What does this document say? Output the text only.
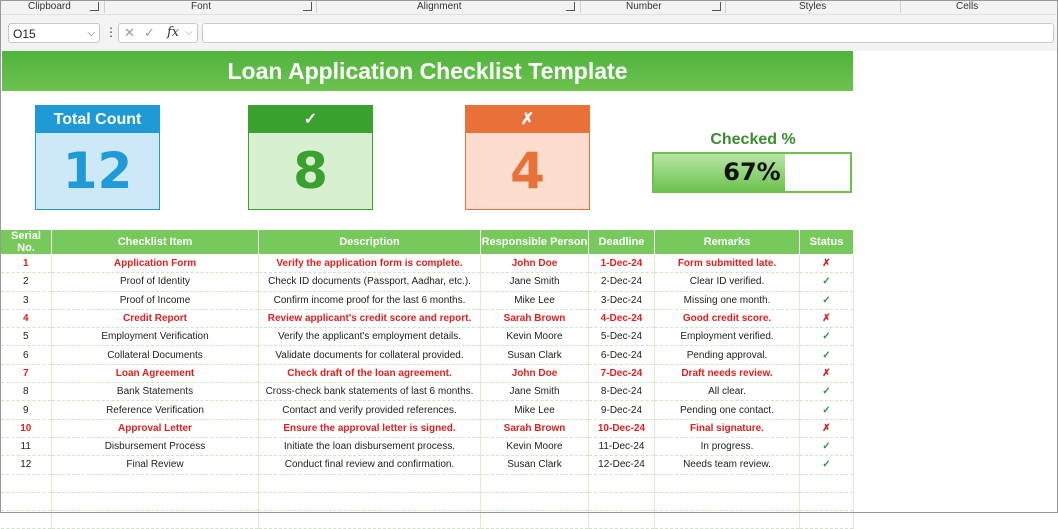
Clipboard	Font	Alignment	Number	Styles	Cells
O15	⌵ ⋮ ✕ ✓ fx ⌵
Loan Application Checklist Template
Total Count
12
✓
8
✗
4
Checked %
67%
Serial No.	Checklist Item	Description	Responsible Person	Deadline	Remarks	Status
1	Application Form	Verify the application form is complete.	John Doe	1-Dec-24	Form submitted late.	✗
2	Proof of Identity	Check ID documents (Passport, Aadhar, etc.).	Jane Smith	2-Dec-24	Clear ID verified.	✓
3	Proof of Income	Confirm income proof for the last 6 months.	Mike Lee	3-Dec-24	Missing one month.	✓
4	Credit Report	Review applicant's credit score and report.	Sarah Brown	4-Dec-24	Good credit score.	✗
5	Employment Verification	Verify the applicant's employment details.	Kevin Moore	5-Dec-24	Employment verified.	✓
6	Collateral Documents	Validate documents for collateral provided.	Susan Clark	6-Dec-24	Pending approval.	✓
7	Loan Agreement	Check draft of the loan agreement.	John Doe	7-Dec-24	Draft needs review.	✗
8	Bank Statements	Cross-check bank statements of last 6 months.	Jane Smith	8-Dec-24	All clear.	✓
9	Reference Verification	Contact and verify provided references.	Mike Lee	9-Dec-24	Pending one contact.	✓
10	Approval Letter	Ensure the approval letter is signed.	Sarah Brown	10-Dec-24	Final signature.	✗
11	Disbursement Process	Initiate the loan disbursement process.	Kevin Moore	11-Dec-24	In progress.	✓
12	Final Review	Conduct final review and confirmation.	Susan Clark	12-Dec-24	Needs team review.	✓
